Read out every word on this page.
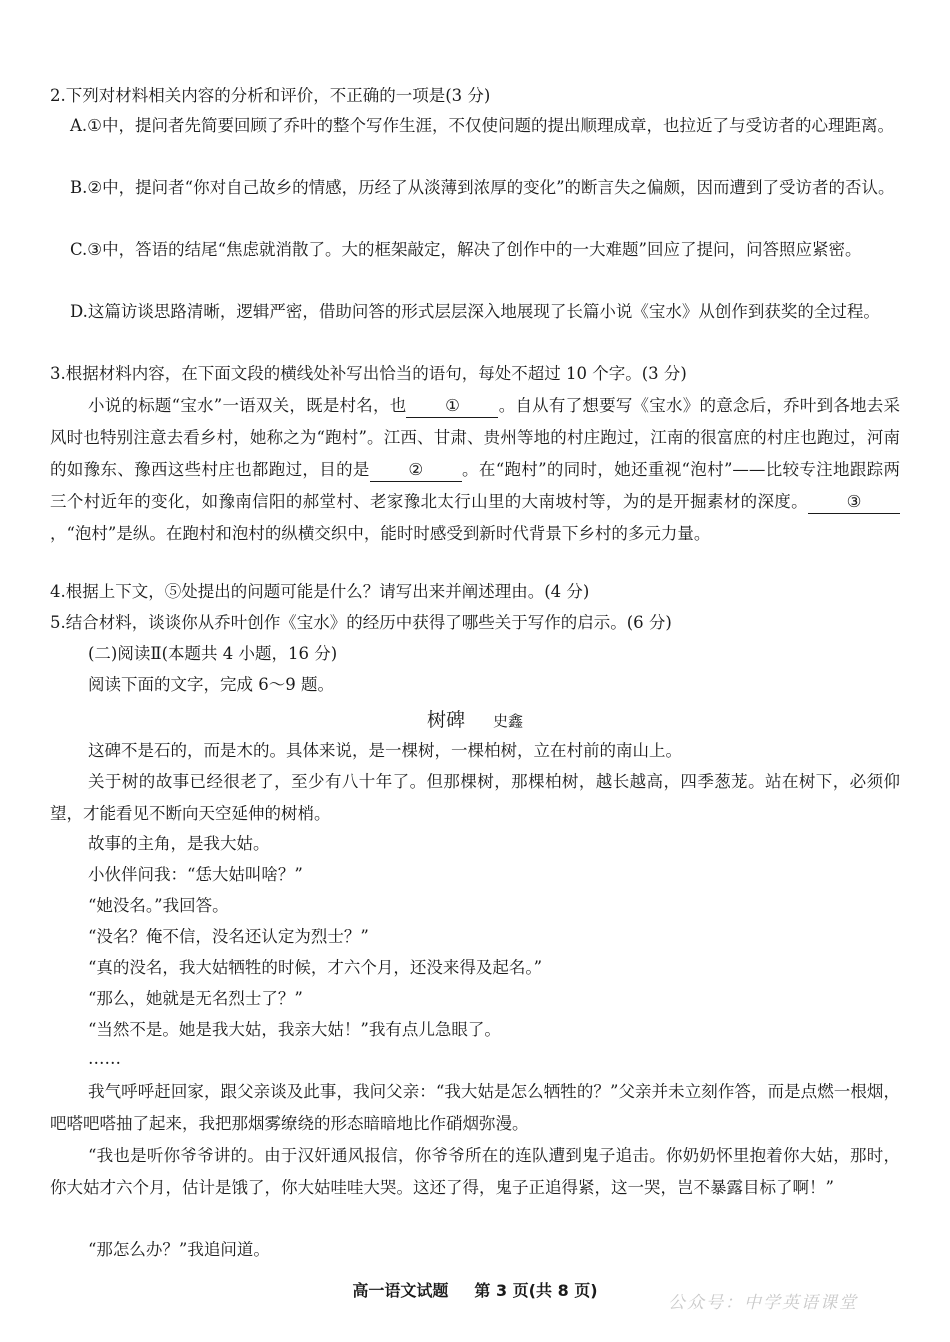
2.下列对材料相关内容的分析和评价，不正确的一项是(3 分)
A.①中，提问者先简要回顾了乔叶的整个写作生涯，不仅使问题的提出顺理成章，也拉近了与受访者的心理距离。
B.②中，提问者“你对自己故乡的情感，历经了从淡薄到浓厚的变化”的断言失之偏颇，因而遭到了受访者的否认。
C.③中，答语的结尾“焦虑就消散了。大的框架敲定，解决了创作中的一大难题”回应了提问，问答照应紧密。
D.这篇访谈思路清晰，逻辑严密，借助问答的形式层层深入地展现了长篇小说《宝水》从创作到获奖的全过程。
3.根据材料内容，在下面文段的横线处补写出恰当的语句，每处不超过 10 个字。(3 分)
小说的标题“宝水”一语双关，既是村名，也 ① 。自从有了想要写《宝水》的意念后，乔叶到各地去采风时也特别注意去看乡村，她称之为“跑村”。江西、甘肃、贵州等地的村庄跑过，江南的很富庶的村庄也跑过，河南的如豫东、豫西这些村庄也都跑过，目的是 ② 。在“跑村”的同时，她还重视“泡村”——比较专注地跟踪两三个村近年的变化，如豫南信阳的郝堂村、老家豫北太行山里的大南坡村等，为的是开掘素材的深度。 ③，“泡村”是纵。在跑村和泡村的纵横交织中，能时时感受到新时代背景下乡村的多元力量。
4.根据上下文，⑤处提出的问题可能是什么？请写出来并阐述理由。(4 分)
5.结合材料，谈谈你从乔叶创作《宝水》的经历中获得了哪些关于写作的启示。(6 分)
(二)阅读Ⅱ(本题共 4 小题，16 分)
阅读下面的文字，完成 6～9 题。
树碑 史鑫
这碑不是石的，而是木的。具体来说，是一棵树，一棵柏树，立在村前的南山上。
关于树的故事已经很老了，至少有八十年了。但那棵树，那棵柏树，越长越高，四季葱茏。站在树下，必须仰望，才能看见不断向天空延伸的树梢。
故事的主角，是我大姑。
小伙伴问我：“恁大姑叫啥？”
“她没名。”我回答。
“没名？俺不信，没名还认定为烈士？”
“真的没名，我大姑牺牲的时候，才六个月，还没来得及起名。”
“那么，她就是无名烈士了？”
“当然不是。她是我大姑，我亲大姑！”我有点儿急眼了。
……
我气呼呼赶回家，跟父亲谈及此事，我问父亲：“我大姑是怎么牺牲的？”父亲并未立刻作答，而是点燃一根烟，吧嗒吧嗒抽了起来，我把那烟雾缭绕的形态暗暗地比作硝烟弥漫。
“我也是听你爷爷讲的。由于汉奸通风报信，你爷爷所在的连队遭到鬼子追击。你奶奶怀里抱着你大姑，那时，你大姑才六个月，估计是饿了，你大姑哇哇大哭。这还了得，鬼子正追得紧，这一哭，岂不暴露目标了啊！”
“那怎么办？”我追问道。
高一语文试题 第 3 页(共 8 页)
公众号：中学英语课堂
